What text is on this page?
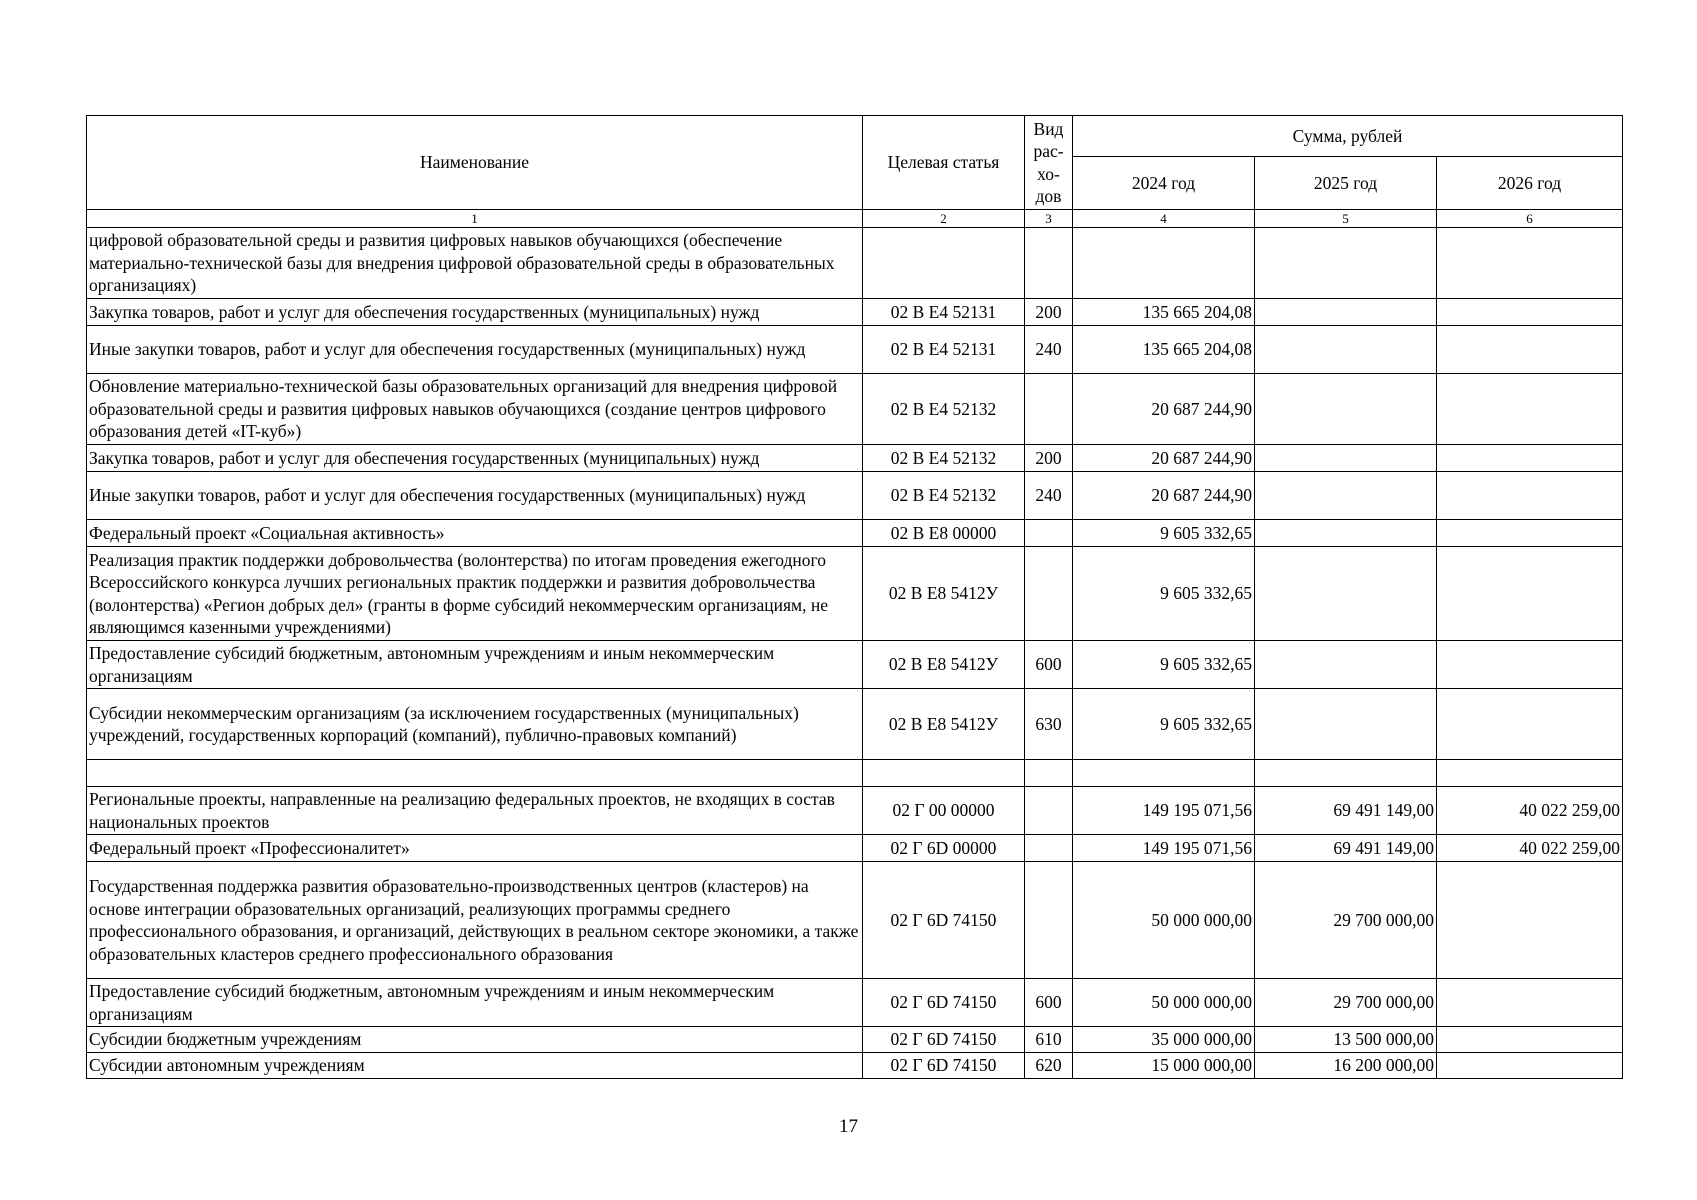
Наименование	Целевая статья	Вид рас-хо-дов	Сумма, рублей		
			2024 год	2025 год	2026 год
1	2	3	4	5	6
цифровой образовательной среды и развития цифровых навыков обучающихся (обеспечение материально-технической базы для внедрения цифровой образовательной среды в образовательных организациях)					
Закупка товаров, работ и услуг для обеспечения государственных (муниципальных) нужд	02 В Е4 52131	200	135 665 204,08		
Иные закупки товаров, работ и услуг для обеспечения государственных (муниципальных) нужд	02 В Е4 52131	240	135 665 204,08		
Обновление материально-технической базы образовательных организаций для внедрения цифровой образовательной среды и развития цифровых навыков обучающихся (создание центров цифрового образования детей «IT-куб»)	02 В Е4 52132		20 687 244,90		
Закупка товаров, работ и услуг для обеспечения государственных (муниципальных) нужд	02 В Е4 52132	200	20 687 244,90		
Иные закупки товаров, работ и услуг для обеспечения государственных (муниципальных) нужд	02 В Е4 52132	240	20 687 244,90		
Федеральный проект «Социальная активность»	02 В Е8 00000		9 605 332,65		
Реализация практик поддержки добровольчества (волонтерства) по итогам проведения ежегодного Всероссийского конкурса лучших региональных практик поддержки и развития добровольчества (волонтерства) «Регион добрых дел» (гранты в форме субсидий некоммерческим организациям, не являющимся казенными учреждениями)	02 В Е8 5412У		9 605 332,65		
Предоставление субсидий бюджетным, автономным учреждениям и иным некоммерческим организациям	02 В Е8 5412У	600	9 605 332,65		
Субсидии некоммерческим организациям (за исключением государственных (муниципальных) учреждений, государственных корпораций (компаний), публично-правовых компаний)	02 В Е8 5412У	630	9 605 332,65		

Региональные проекты, направленные на реализацию федеральных проектов, не входящих в состав национальных проектов	02 Г 00 00000		149 195 071,56	69 491 149,00	40 022 259,00
Федеральный проект «Профессионалитет»	02 Г 6D 00000		149 195 071,56	69 491 149,00	40 022 259,00
Государственная поддержка развития образовательно-производственных центров (кластеров) на основе интеграции образовательных организаций, реализующих программы среднего профессионального образования, и организаций, действующих в реальном секторе экономики, а также образовательных кластеров среднего профессионального образования	02 Г 6D 74150		50 000 000,00	29 700 000,00	
Предоставление субсидий бюджетным, автономным учреждениям и иным некоммерческим организациям	02 Г 6D 74150	600	50 000 000,00	29 700 000,00	
Субсидии бюджетным учреждениям	02 Г 6D 74150	610	35 000 000,00	13 500 000,00	
Субсидии автономным учреждениям	02 Г 6D 74150	620	15 000 000,00	16 200 000,00	
17
